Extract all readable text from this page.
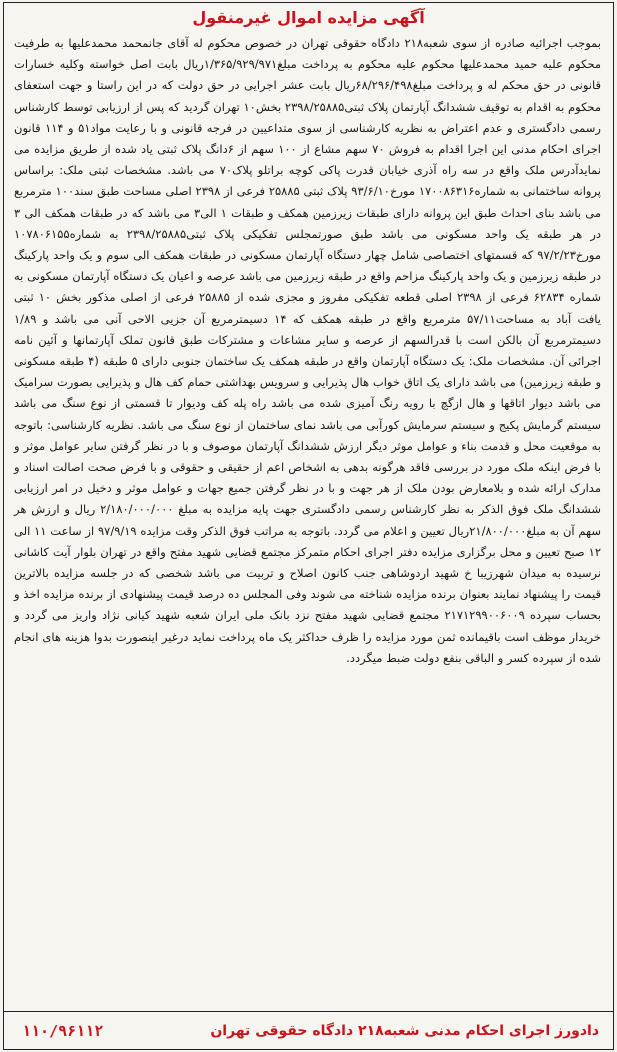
آگهی مزایده اموال غیرمنقول

بموجب اجرائیه صادره از سوی شعبه۲۱۸ دادگاه حقوقی تهران در خصوص محکوم له آقای جانمحمد محمدعلیها به طرفیت محکوم علیه حمید محمدعلیها محکوم علیه محکوم به پرداخت مبلغ۱/۳۶۵/۹۲۹/۹۷۱ریال بابت اصل خواسته وکلیه خسارات قانونی در حق محکم له و پرداخت مبلغ۶۸/۲۹۶/۴۹۸ریال بابت عشر اجرایی در حق دولت که در این راستا و جهت استعفای محکوم به اقدام به توقیف ششدانگ آپارتمان پلاک ثبتی۲۳۹۸/۲۵۸۸۵ بخش۱۰ تهران گردید که پس از ارزیابی توسط کارشناس رسمی دادگستری و عدم اعتراض به نظریه کارشناسی از سوی متداعیین در فرجه قانونی و با رعایت مواد۵۱ و ۱۱۴ قانون اجرای احکام مدنی این اجرا اقدام به فروش ۷۰ سهم مشاع از ۱۰۰ سهم از ۶دانگ پلاک ثبتی یاد شده از طریق مزایده می نمایدآدرس ملک واقع در سه راه آذری خیابان قدرت پاکی کوچه براتلو پلاک۷۰ می باشد. مشخصات ثبتی ملک: براساس پروانه ساختمانی به شماره۱۷۰۰۸۶۳۱۶ مورخ۹۳/۶/۱۰ پلاک ثبتی ۲۵۸۸۵ فرعی از ۲۳۹۸ اصلی مساحت طبق سند۱۰۰ مترمربع می باشد بنای احداث طبق این پروانه دارای طبقات زیرزمین همکف و طبقات ۱ الی۳ می باشد که در طبقات همکف الی ۳ در هر طبقه یک واحد مسکونی می باشد طبق صورتمجلس تفکیکی پلاک ثبتی۲۳۹۸/۲۵۸۸۵ به شماره۱۰۷۸۰۶۱۵۵ مورخ۹۷/۲/۲۳ که قسمتهای اختصاصی شامل چهار دستگاه آپارتمان مسکونی در طبقات همکف الی سوم و یک واحد پارکینگ در طبقه زیرزمین و یک واحد پارکینگ مزاحم واقع در طبقه زیرزمین می باشد عرصه و اعیان یک دستگاه آپارتمان مسکونی به شماره ۶۲۸۳۴ فرعی از ۲۳۹۸ اصلی قطعه تفکیکی مفروز و مجزی شده از ۲۵۸۸۵ فرعی از اصلی مذکور بخش ۱۰ ثبتی یافت آباد به مساحت۵۷/۱۱ مترمربع واقع در طبقه همکف که ۱۴ دسیمترمربع آن جزیی الاحی آنی می باشد و ۱/۸۹ دسیمترمربع آن بالکن است با قدرالسهم از عرصه و سایر مشاعات و مشترکات طبق قانون تملک آپارتمانها و آئین نامه اجرائی آن. مشخصات ملک: یک دستگاه آپارتمان واقع در طبقه همکف یک ساختمان جنوبی دارای ۵ طبقه (۴ طبقه مسکونی و طبقه زیرزمین) می باشد دارای یک اتاق خواب هال پذیرایی و سرویس بهداشتی حمام کف هال و پذیرایی بصورت سرامیک می باشد دیوار اتاقها و هال ازگچ با رویه رنگ آمیزی شده می باشد راه پله کف ودیوار تا قسمتی از نوع سنگ می باشد سیستم گرمایش پکیج و سیستم سرمایش کورآبی می باشد نمای ساختمان از نوع سنگ می باشد. نظریه کارشناسی: باتوجه به موقعیت محل و قدمت بناء و عوامل موثر دیگر ارزش ششدانگ آپارتمان موصوف و با در نظر گرفتن سایر عوامل موثر و با فرض اینکه ملک مورد در بررسی فاقد هرگونه بدهی به اشخاص اعم از حقیقی و حقوقی و با فرض صحت اصالت اسناد و مدارک ارائه شده و بلامعارض بودن ملک از هر جهت و با در نظر گرفتن جمیع جهات و عوامل موثر و دخیل در امر ارزیابی ششدانگ ملک فوق الذکر به نظر کارشناس رسمی دادگستری جهت پایه مزایده به مبلغ ۲/۱۸۰/۰۰۰/۰۰۰ ریال و ارزش هر سهم آن به مبلغ۲۱/۸۰۰/۰۰۰ریال تعیین و اعلام می گردد. باتوجه به مراتب فوق الذکر وقت مزایده ۹۷/۹/۱۹ از ساعت ۱۱ الی ۱۲ صبح تعیین و محل برگزاری مزایده دفتر اجرای احکام متمرکز مجتمع قضایی شهید مفتح واقع در تهران بلوار آیت کاشانی نرسیده به میدان شهرزیبا خ شهید اردوشاهی جنب کانون اصلاح و تربیت می باشد شخصی که در جلسه مزایده بالاترین قیمت را پیشنهاد نمایند بعنوان برنده مزایده شناخته می شوند وفی المجلس ده درصد قیمت پیشنهادی از برنده مزایده اخذ و بحساب سپرده ۲۱۷۱۲۹۹۰۰۶۰۰۹ مجتمع قضایی شهید مفتح نزد بانک ملی ایران شعبه شهید کیانی نژاد واریز می گردد و خریدار موظف است باقیمانده ثمن مورد مزایده را ظرف حداکثر یک ماه پرداخت نماید درغیر اینصورت بدوا هزینه های انجام شده از سپرده کسر و الباقی بنفع دولت ضبط میگردد.

دادورز اجرای احکام مدنی شعبه۲۱۸ دادگاه حقوقی تهران
۱۱۰/۹۶۱۱۲
